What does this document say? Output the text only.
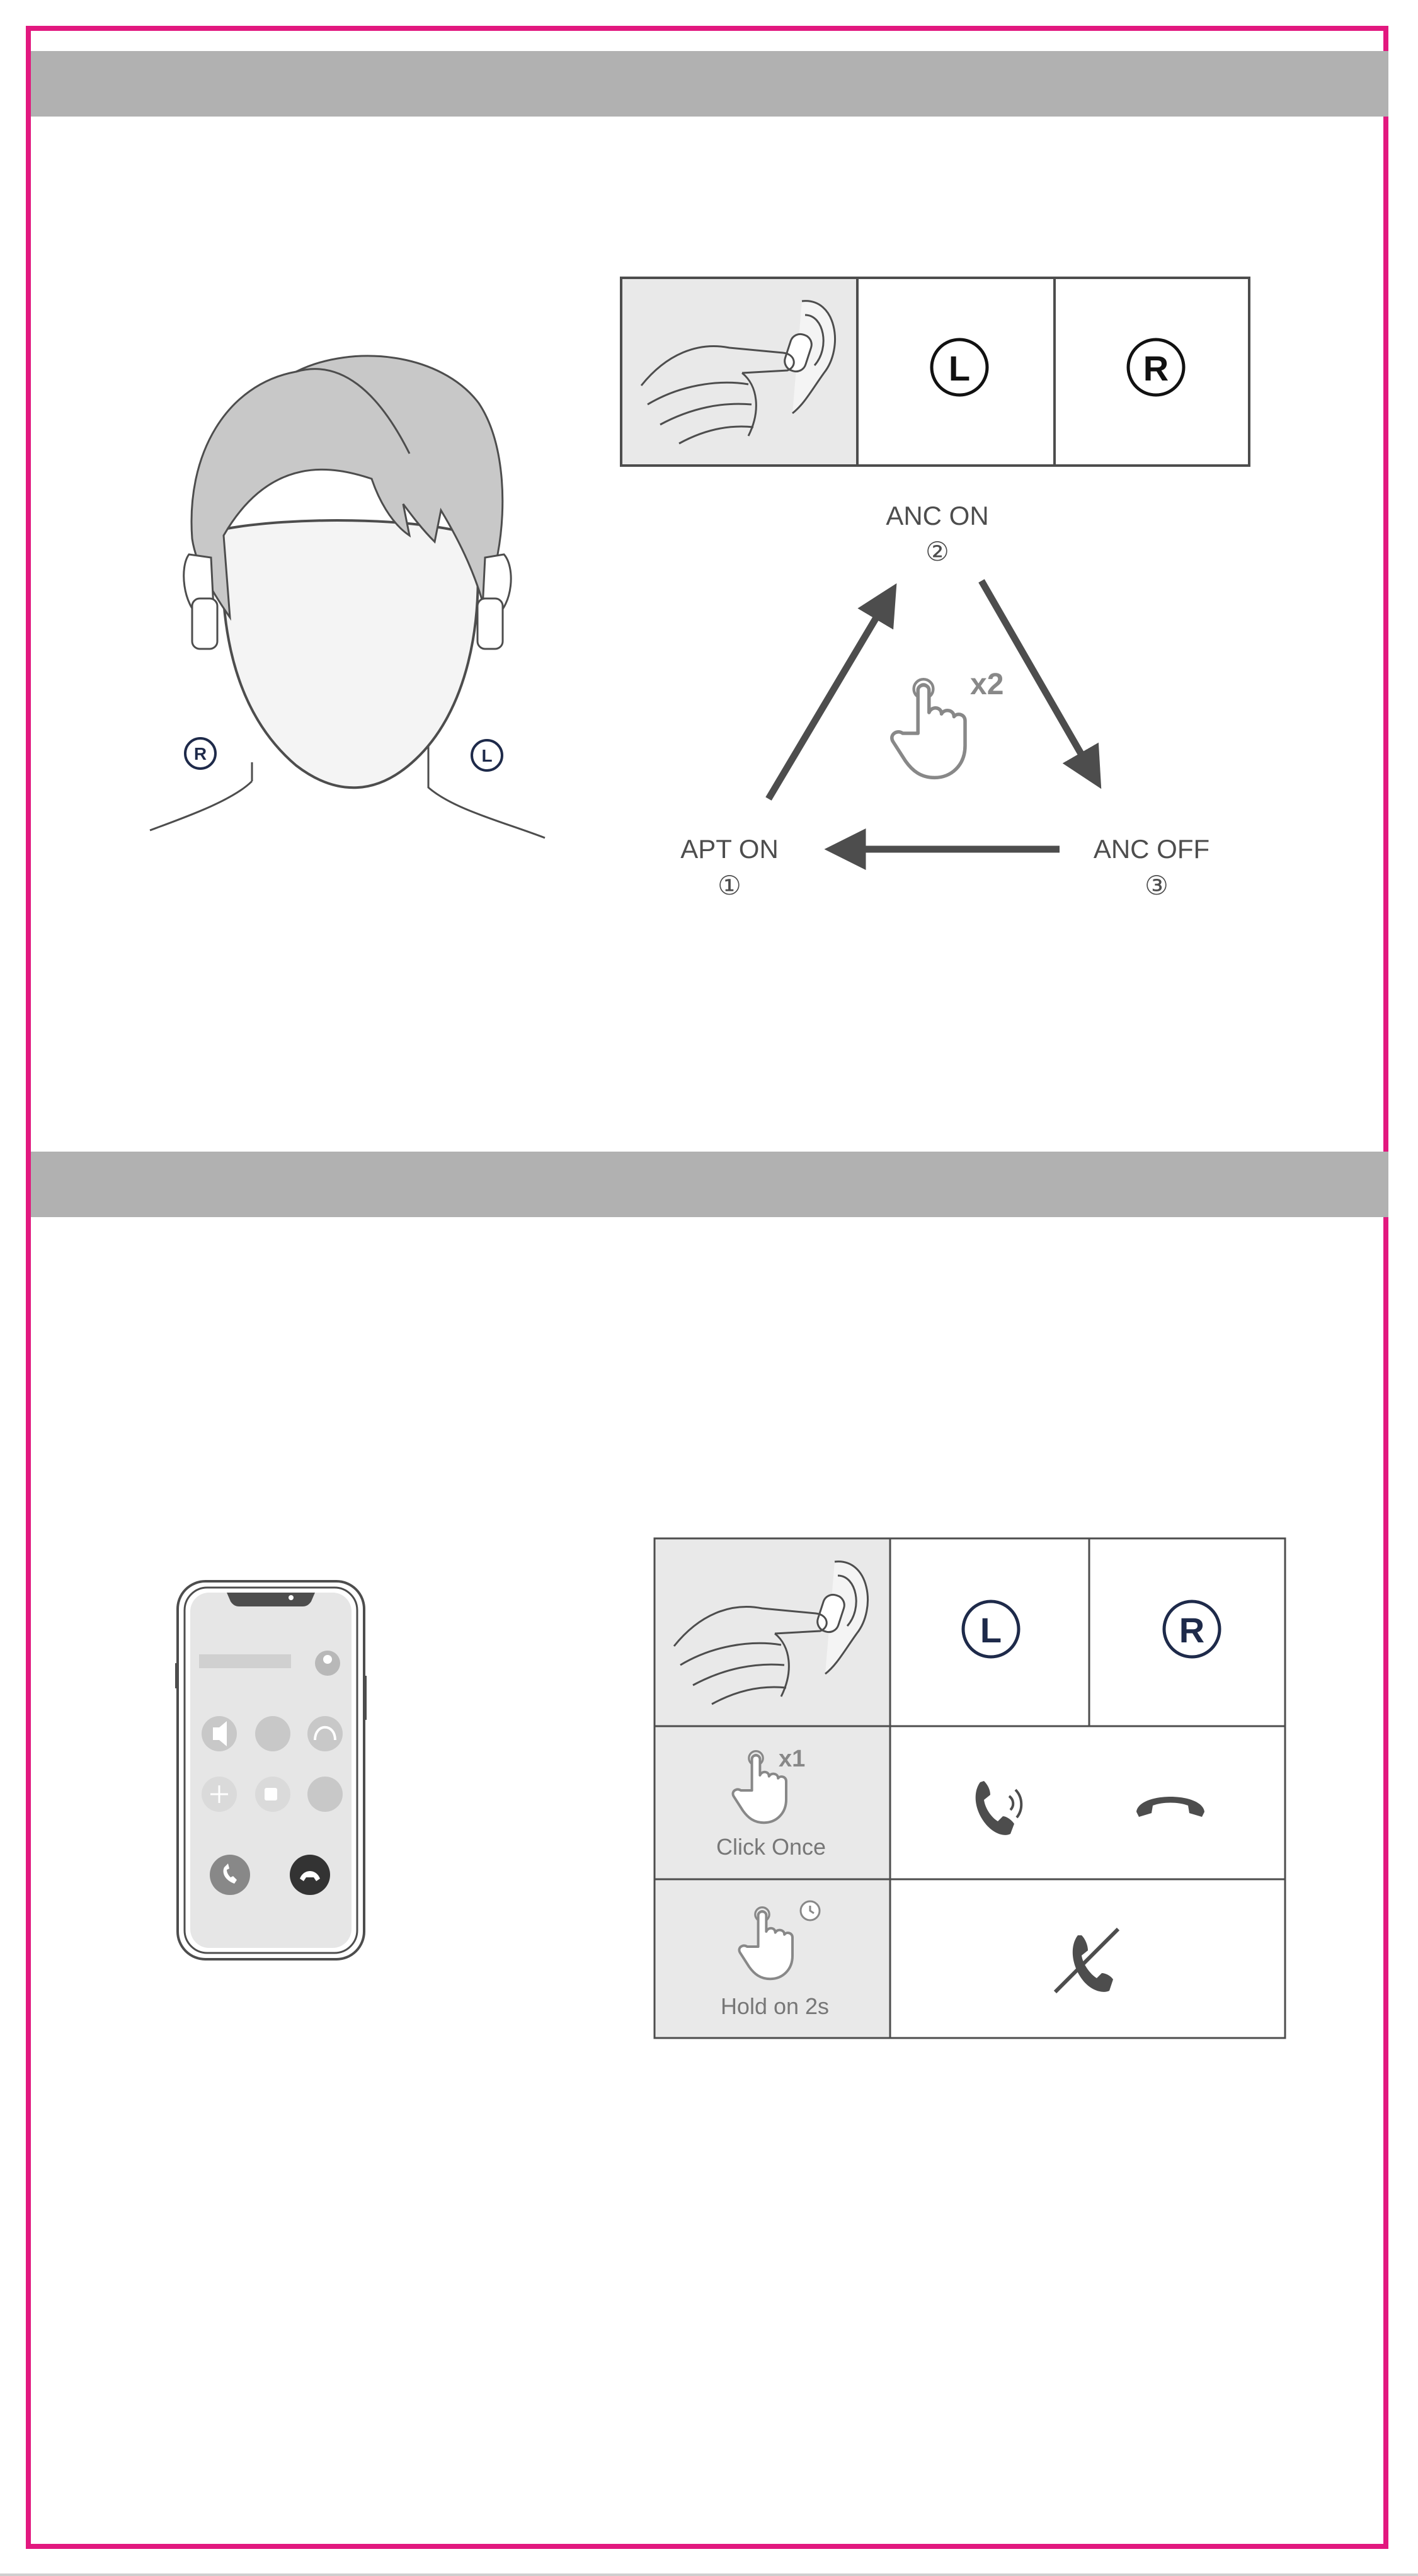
R	L
L	R
ANC ON
②
APT ON
①
ANC OFF
③
x2
L	R
x1
Click Once
Hold on 2s
